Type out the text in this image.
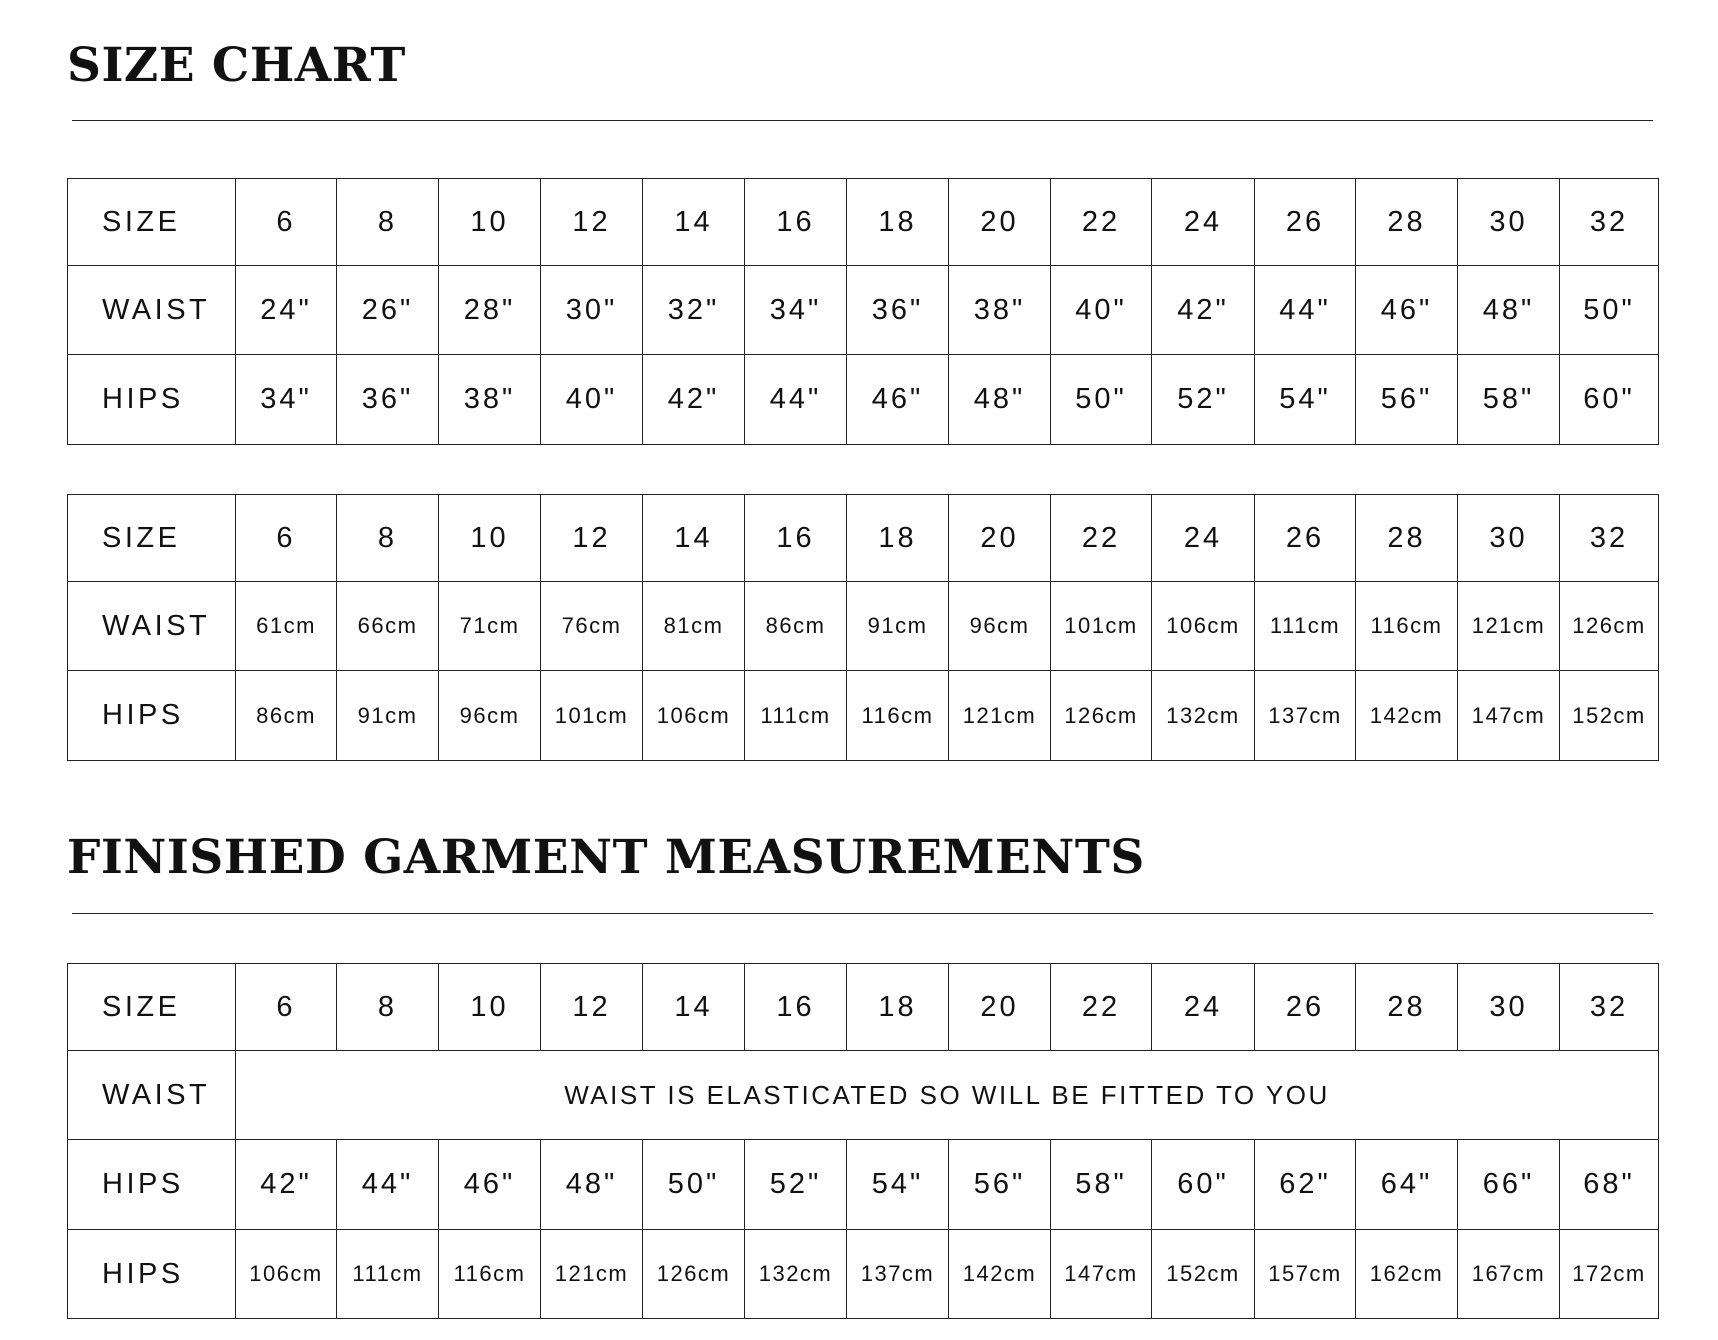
SIZE CHART
SIZE	6	8	10	12	14	16	18	20	22	24	26	28	30	32
WAIST	24"	26"	28"	30"	32"	34"	36"	38"	40"	42"	44"	46"	48"	50"
HIPS	34"	36"	38"	40"	42"	44"	46"	48"	50"	52"	54"	56"	58"	60"
SIZE	6	8	10	12	14	16	18	20	22	24	26	28	30	32
WAIST	61cm	66cm	71cm	76cm	81cm	86cm	91cm	96cm	101cm	106cm	111cm	116cm	121cm	126cm
HIPS	86cm	91cm	96cm	101cm	106cm	111cm	116cm	121cm	126cm	132cm	137cm	142cm	147cm	152cm
FINISHED GARMENT MEASUREMENTS
SIZE	6	8	10	12	14	16	18	20	22	24	26	28	30	32
WAIST	WAIST IS ELASTICATED SO WILL BE FITTED TO YOU													
HIPS	42"	44"	46"	48"	50"	52"	54"	56"	58"	60"	62"	64"	66"	68"
HIPS	106cm	111cm	116cm	121cm	126cm	132cm	137cm	142cm	147cm	152cm	157cm	162cm	167cm	172cm
